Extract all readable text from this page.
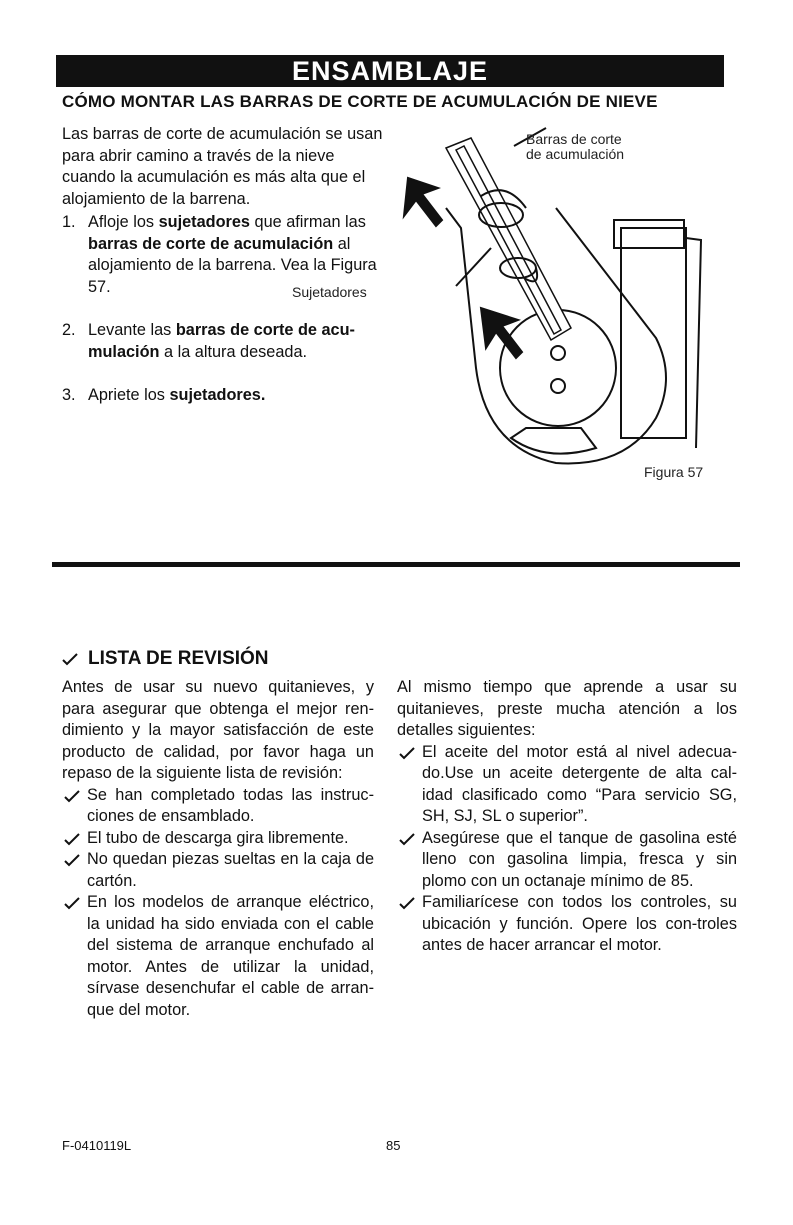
ENSAMBLAJE
CÓMO MONTAR LAS BARRAS DE CORTE DE ACUMULACIÓN DE NIEVE

Las barras de corte de acumulación se usan para abrir camino a través de la nieve cuando la acumulación es más alta que el alojamiento de la barrena.

1. Afloje los sujetadores que afirman las barras de corte de acumulación al alojamiento de la barrena. Vea la Figura 57.
2. Levante las barras de corte de acu-mulación a la altura deseada.
3. Apriete los sujetadores.
Barras de corte
de acumulación
Sujetadores
Figura 57
LISTA DE REVISIÓN

Antes de usar su nuevo quitanieves, y para asegurar que obtenga el mejor ren-dimiento y la mayor satisfacción de este producto de calidad, por favor haga un repaso de la siguiente lista de revisión:

Se han completado todas las instruc-ciones de ensamblado.
El tubo de descarga gira libremente.
No quedan piezas sueltas en la caja de cartón.
En los modelos de arranque eléctrico, la unidad ha sido enviada con el cable del sistema de arranque enchufado al motor. Antes de utilizar la unidad, sírvase desenchufar el cable de arran-que del motor.

Al mismo tiempo que aprende a usar su quitanieves, preste mucha atención a los detalles siguientes:

El aceite del motor está al nivel adecua-do.Use un aceite detergente de alta cal-idad clasificado como “Para servicio SG, SH, SJ, SL o superior”.
Asegúrese que el tanque de gasolina esté lleno con gasolina limpia, fresca y sin plomo con un octanaje mínimo de 85.
Familiarícese con todos los controles, su ubicación y función. Opere los con-troles antes de hacer arrancar el motor.
F-0410119L	85
